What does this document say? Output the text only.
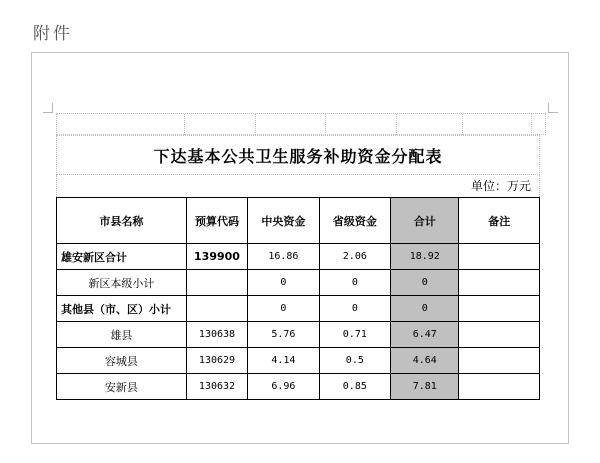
附件
下达基本公共卫生服务补助资金分配表
单位：万元
市县名称	预算代码	中央资金	省级资金	合计	备注
雄安新区合计	139900	16.86	2.06	18.92	
新区本级小计		0	0	0	
其他县（市、区）小计		0	0	0	
雄县	130638	5.76	0.71	6.47	
容城县	130629	4.14	0.5	4.64	
安新县	130632	6.96	0.85	7.81	
